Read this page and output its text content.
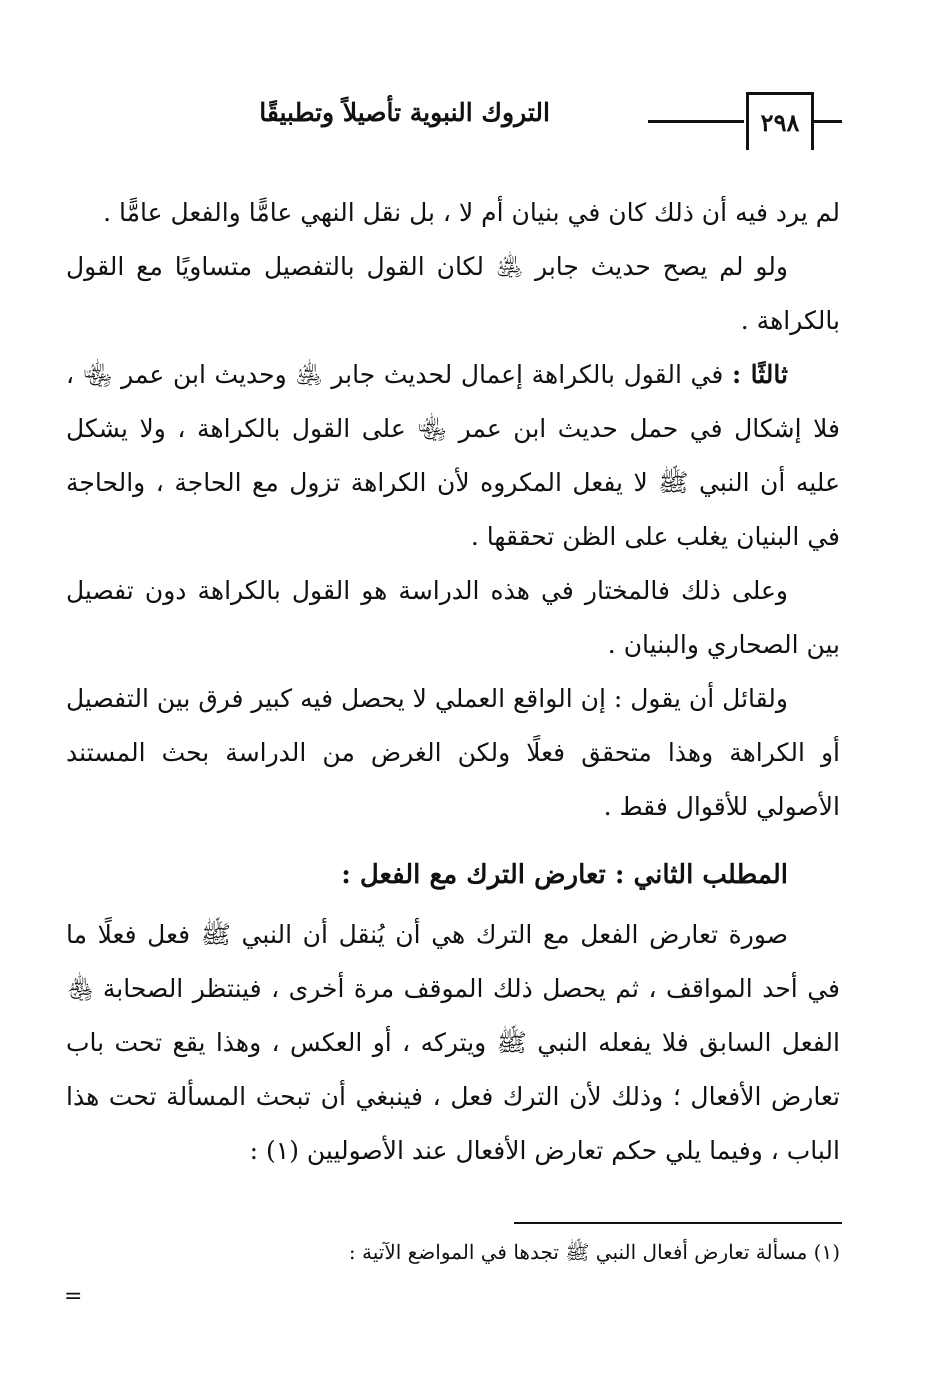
٢٩٨
التروك النبوية تأصيلاً وتطبيقًا

لم يرد فيه أن ذلك كان في بنيان أم لا ، بل نقل النهي عامًّا والفعل عامًّا .

ولو لم يصح حديث جابر ﵁ لكان القول بالتفصيل متساويًا مع القول بالكراهة .

ثالثًا : في القول بالكراهة إعمال لحديث جابر ﵁ وحديث ابن عمر ﵄ ، فلا إشكال في حمل حديث ابن عمر ﵄ على القول بالكراهة ، ولا يشكل عليه أن النبي ﷺ لا يفعل المكروه لأن الكراهة تزول مع الحاجة ، والحاجة في البنيان يغلب على الظن تحققها .

وعلى ذلك فالمختار في هذه الدراسة هو القول بالكراهة دون تفصيل بين الصحاري والبنيان .

ولقائل أن يقول : إن الواقع العملي لا يحصل فيه كبير فرق بين التفصيل أو الكراهة وهذا متحقق فعلًا ولكن الغرض من الدراسة بحث المستند الأصولي للأقوال فقط .

المطلب الثاني : تعارض الترك مع الفعل :

صورة تعارض الفعل مع الترك هي أن يُنقل أن النبي ﷺ فعل فعلًا ما في أحد المواقف ، ثم يحصل ذلك الموقف مرة أخرى ، فينتظر الصحابة ﵃ الفعل السابق فلا يفعله النبي ﷺ ويتركه ، أو العكس ، وهذا يقع تحت باب تعارض الأفعال ؛ وذلك لأن الترك فعل ، فينبغي أن تبحث المسألة تحت هذا الباب ، وفيما يلي حكم تعارض الأفعال عند الأصوليين (١) :

(١) مسألة تعارض أفعال النبي ﷺ تجدها في المواضع الآتية :
=
